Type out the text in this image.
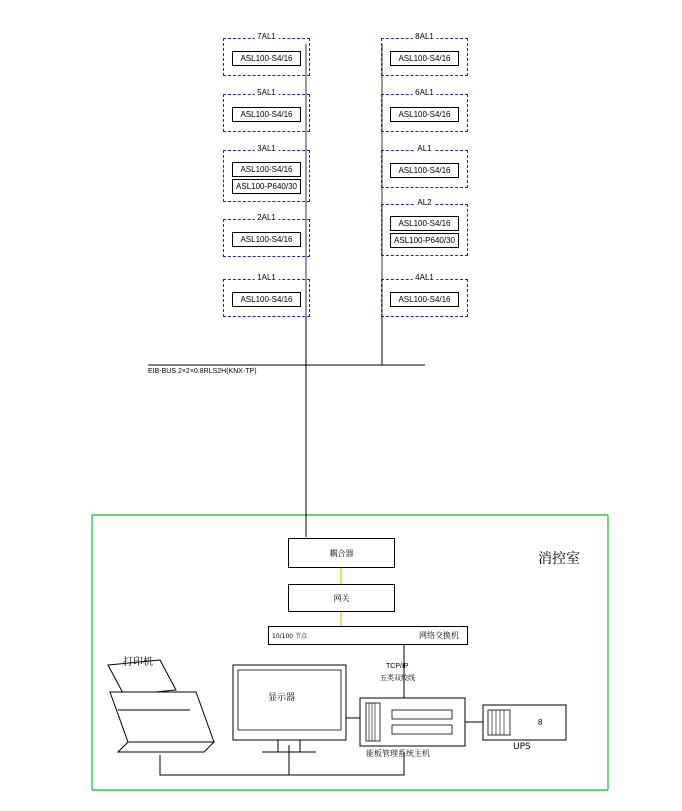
7AL1
ASL100-S4/16
5AL1
ASL100-S4/16
3AL1
ASL100-S4/16
ASL100-P640/30
2AL1
ASL100-S4/16
1AL1
ASL100-S4/16
8AL1
ASL100-S4/16
6AL1
ASL100-S4/16
AL1
ASL100-S4/16
AL2
ASL100-S4/16
ASL100-P640/30
4AL1
ASL100-S4/16
EIB-BUS 2×2×0.8RLS2H(KNX-TP)
消控室
耦合器
网关
网络交换机
10/100 节点
打印机
显示器
能板管理系统主机
UPS
8
TCP/IP
五类双绞线
